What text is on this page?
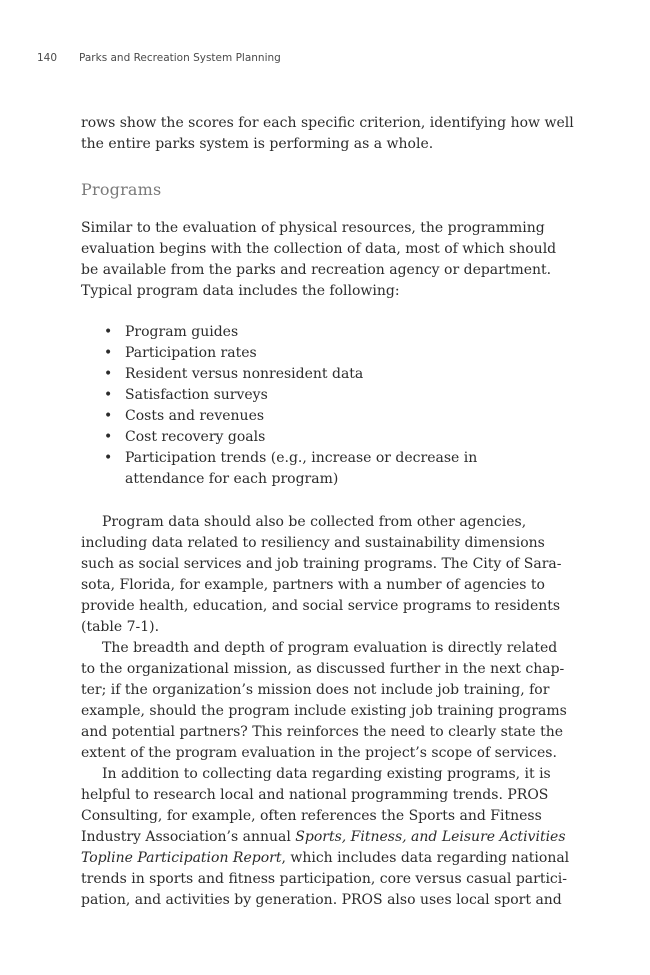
140 Parks and Recreation System Planning
rows show the scores for each specific criterion, identifying how well
the entire parks system is performing as a whole.
Programs
Similar to the evaluation of physical resources, the programming
evaluation begins with the collection of data, most of which should
be available from the parks and recreation agency or department.
Typical program data includes the following:
• Program guides
• Participation rates
• Resident versus nonresident data
• Satisfaction surveys
• Costs and revenues
• Cost recovery goals
• Participation trends (e.g., increase or decrease in attendance for each program)
Program data should also be collected from other agencies,
including data related to resiliency and sustainability dimensions
such as social services and job training programs. The City of Sara-
sota, Florida, for example, partners with a number of agencies to
provide health, education, and social service programs to residents
(table 7-1).
The breadth and depth of program evaluation is directly related
to the organizational mission, as discussed further in the next chap-
ter; if the organization’s mission does not include job training, for
example, should the program include existing job training programs
and potential partners? This reinforces the need to clearly state the
extent of the program evaluation in the project’s scope of services.
In addition to collecting data regarding existing programs, it is
helpful to research local and national programming trends. PROS
Consulting, for example, often references the Sports and Fitness
Industry Association’s annual Sports, Fitness, and Leisure Activities
Topline Participation Report, which includes data regarding national
trends in sports and fitness participation, core versus casual partici-
pation, and activities by generation. PROS also uses local sport and
